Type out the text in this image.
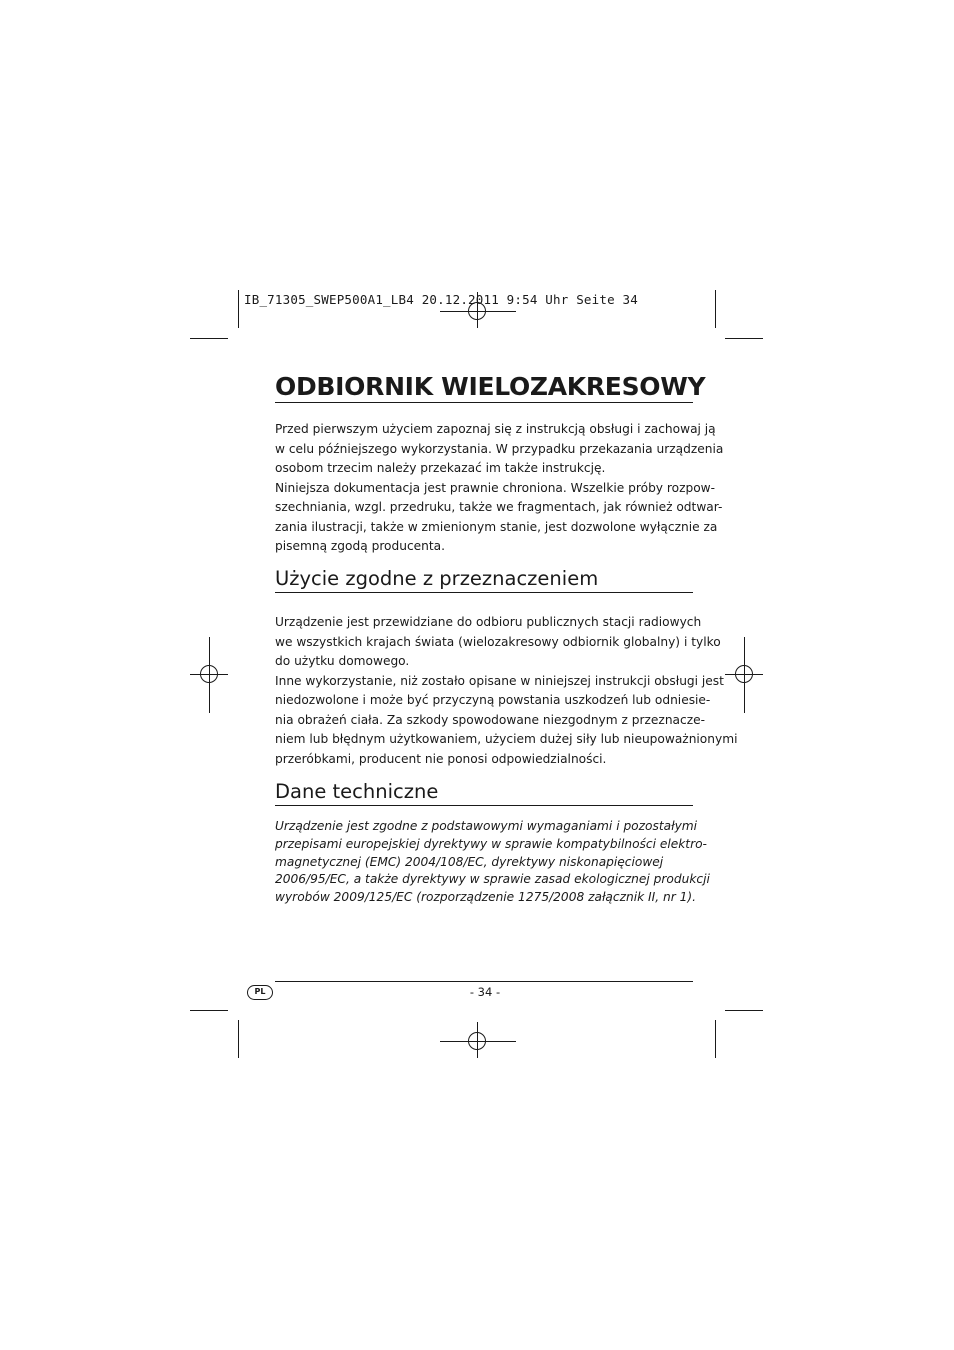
IB_71305_SWEP500A1_LB4 20.12.2011 9:54 Uhr Seite 34
ODBIORNIK WIELOZAKRESOWY
Przed pierwszym użyciem zapoznaj się z instrukcją obsługi i zachowaj ją
w celu późniejszego wykorzystania. W przypadku przekazania urządzenia
osobom trzecim należy przekazać im także instrukcję.
Niniejsza dokumentacja jest prawnie chroniona. Wszelkie próby rozpow-
szechniania, wzgl. przedruku, także we fragmentach, jak również odtwar-
zania ilustracji, także w zmienionym stanie, jest dozwolone wyłącznie za
pisemną zgodą producenta.
Użycie zgodne z przeznaczeniem
Urządzenie jest przewidziane do odbioru publicznych stacji radiowych
we wszystkich krajach świata (wielozakresowy odbiornik globalny) i tylko
do użytku domowego.
Inne wykorzystanie, niż zostało opisane w niniejszej instrukcji obsługi jest
niedozwolone i może być przyczyną powstania uszkodzeń lub odniesie-
nia obrażeń ciała. Za szkody spowodowane niezgodnym z przeznacze-
niem lub błędnym użytkowaniem, użyciem dużej siły lub nieupoważnionymi
przeróbkami, producent nie ponosi odpowiedzialności.
Dane techniczne
Urządzenie jest zgodne z podstawowymi wymaganiami i pozostałymi
przepisami europejskiej dyrektywy w sprawie kompatybilności elektro-
magnetycznej (EMC) 2004/108/EC, dyrektywy niskonapięciowej
2006/95/EC, a także dyrektywy w sprawie zasad ekologicznej produkcji
wyrobów 2009/125/EC (rozporządzenie 1275/2008 załącznik II, nr 1).
PL	- 34 -
